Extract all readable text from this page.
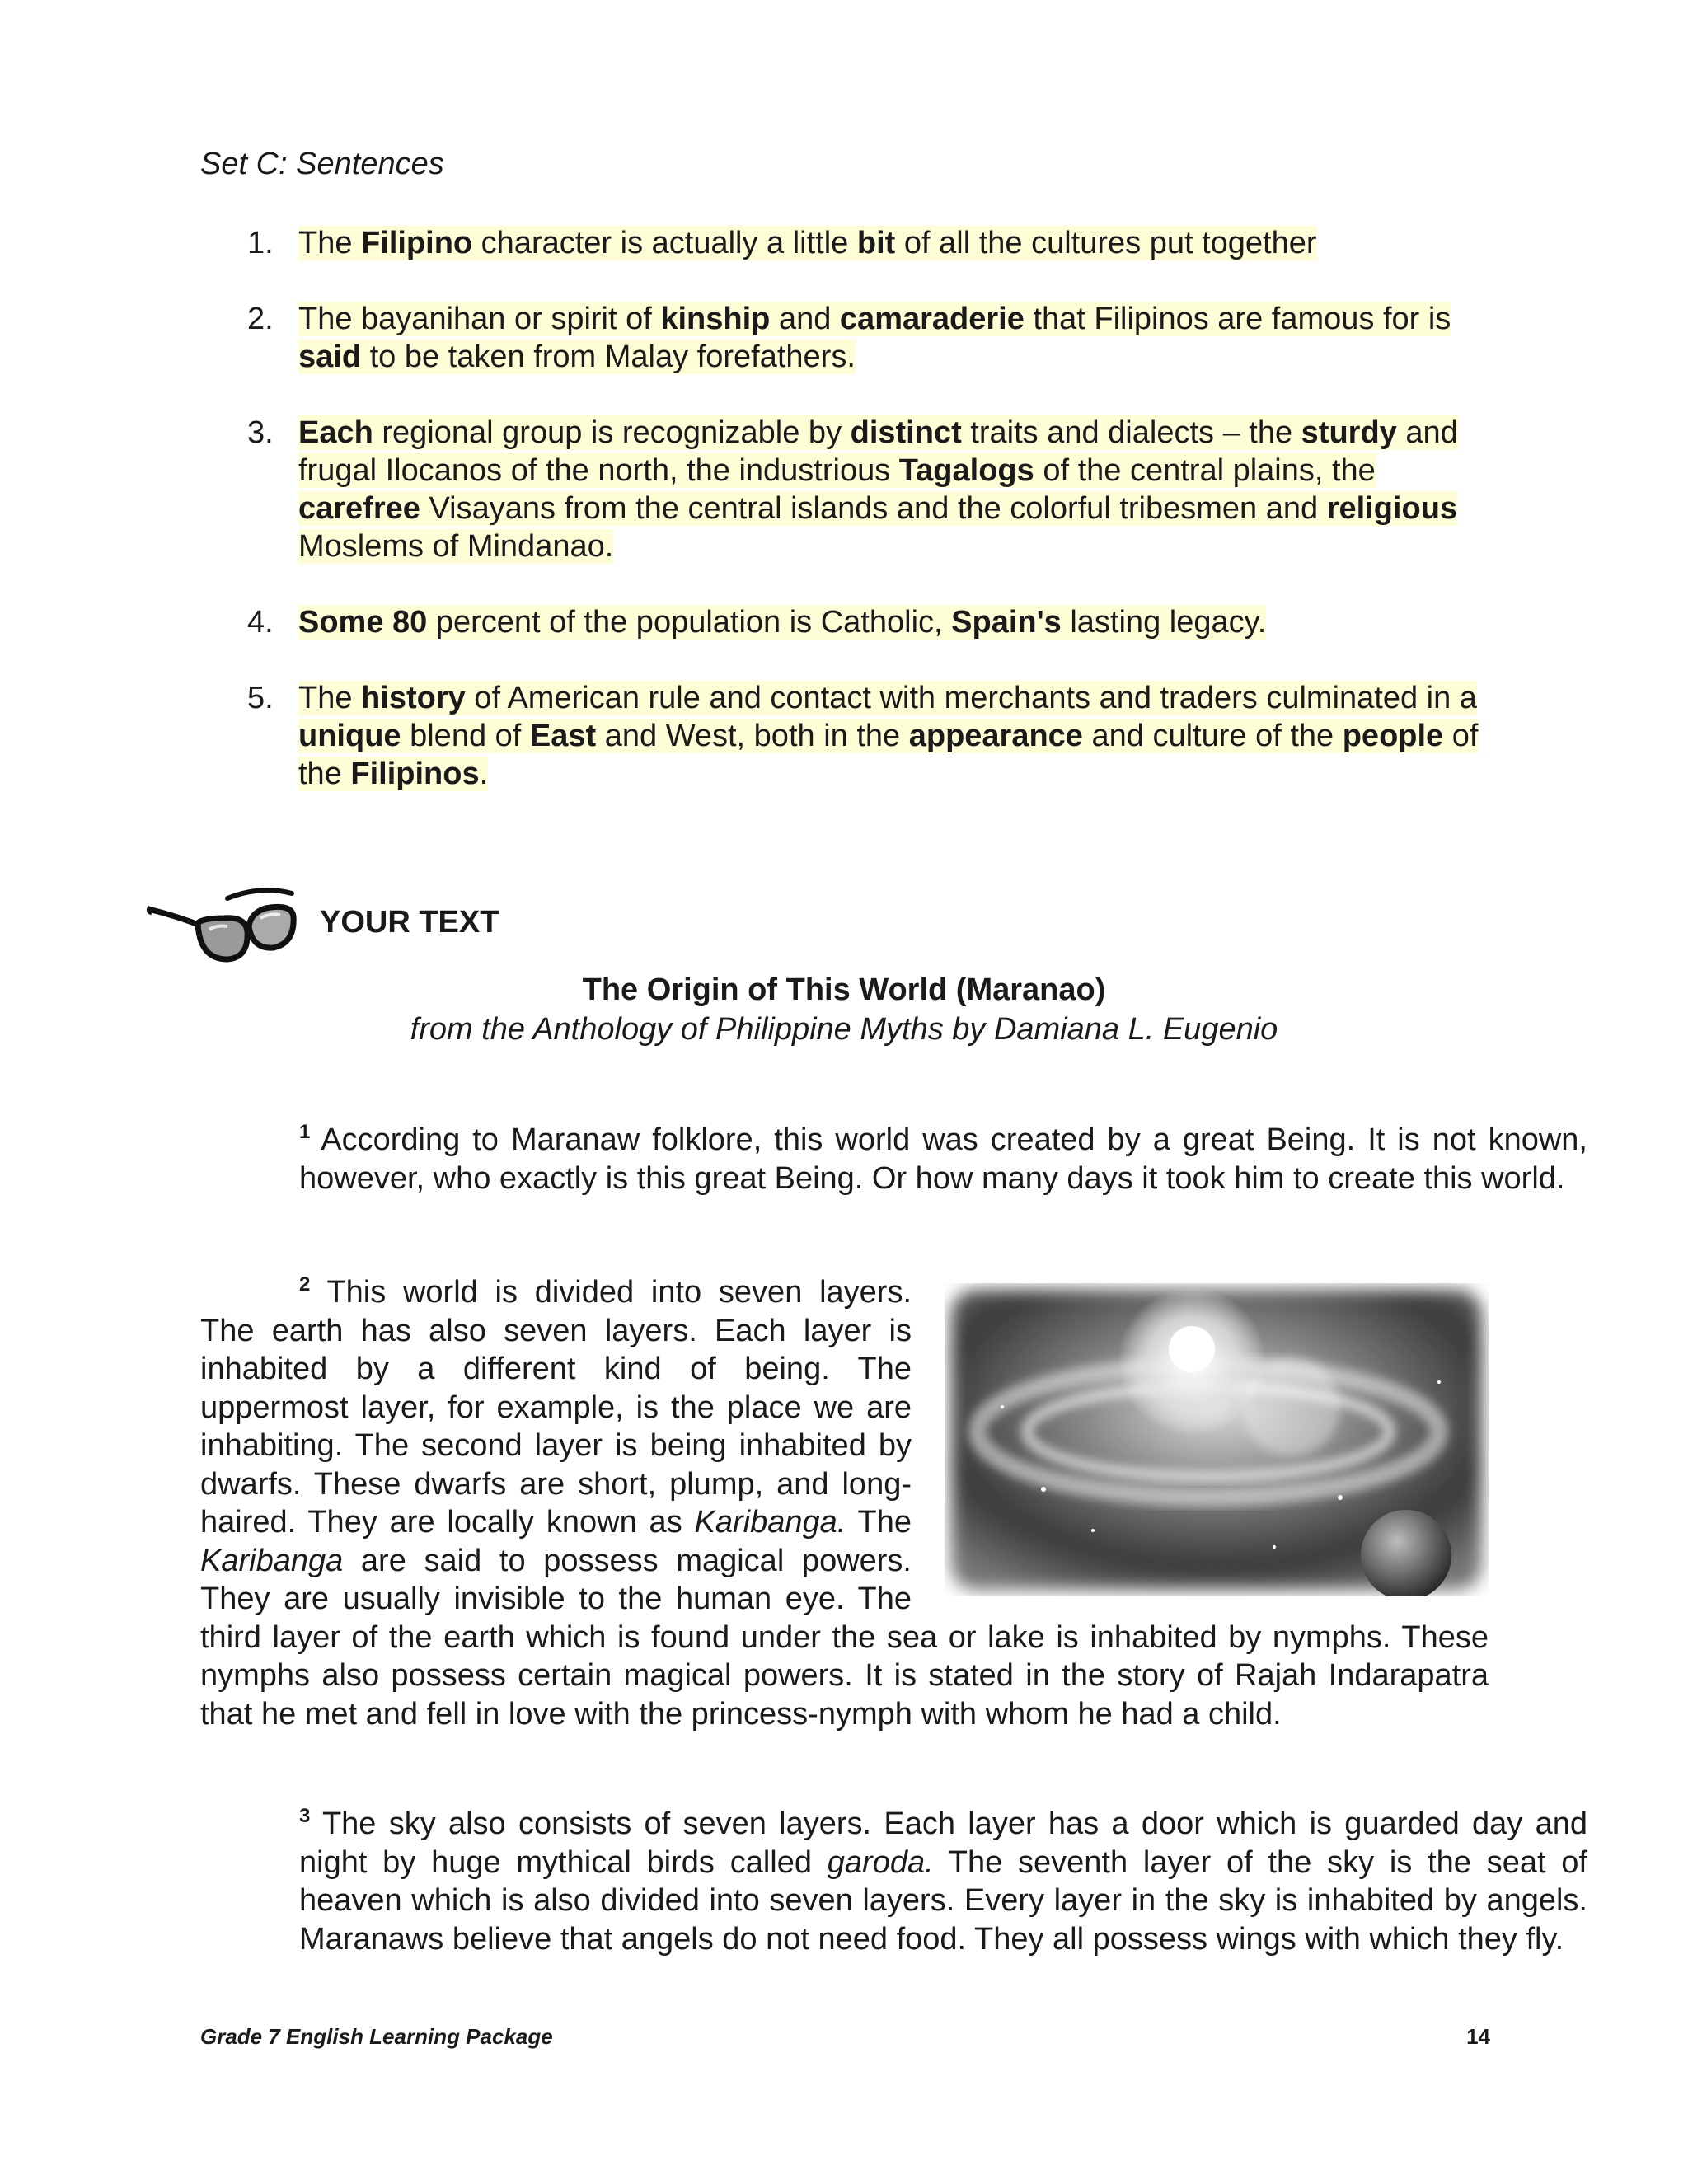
Set C: Sentences
1. The Filipino character is actually a little bit of all the cultures put together
2. The bayanihan or spirit of kinship and camaraderie that Filipinos are famous for is said to be taken from Malay forefathers.
3. Each regional group is recognizable by distinct traits and dialects – the sturdy and frugal Ilocanos of the north, the industrious Tagalogs of the central plains, the carefree Visayans from the central islands and the colorful tribesmen and religious Moslems of Mindanao.
4. Some 80 percent of the population is Catholic, Spain's lasting legacy.
5. The history of American rule and contact with merchants and traders culminated in a unique blend of East and West, both in the appearance and culture of the people of the Filipinos.
YOUR TEXT
The Origin of This World (Maranao)
from the Anthology of Philippine Myths by Damiana L. Eugenio
$^1$ According to Maranaw folklore, this world was created by a great Being. It is not known, however, who exactly is this great Being. Or how many days it took him to create this world.
$^2$ This world is divided into seven layers. The earth has also seven layers. Each layer is inhabited by a different kind of being. The uppermost layer, for example, is the place we are inhabiting. The second layer is being inhabited by dwarfs. These dwarfs are short, plump, and long-haired. They are locally known as Karibanga. The Karibanga are said to possess magical powers. They are usually invisible to the human eye. The third layer of the earth which is found under the sea or lake is inhabited by nymphs. These nymphs also possess certain magical powers. It is stated in the story of Rajah Indarapatra that he met and fell in love with the princess-nymph with whom he had a child.
$^3$ The sky also consists of seven layers. Each layer has a door which is guarded day and night by huge mythical birds called garoda. The seventh layer of the sky is the seat of heaven which is also divided into seven layers. Every layer in the sky is inhabited by angels. Maranaws believe that angels do not need food. They all possess wings with which they fly.
Grade 7 English Learning Package	14
